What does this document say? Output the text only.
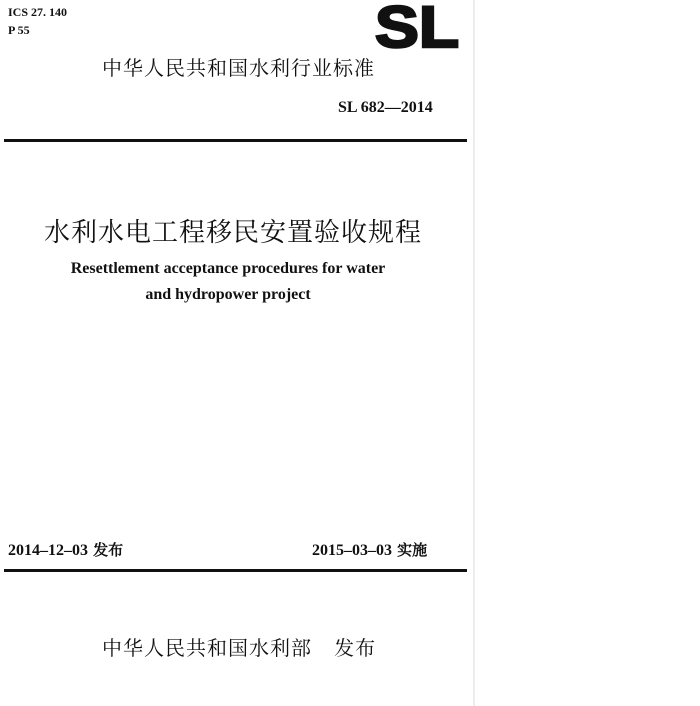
ICS 27. 140
P 55	SL
中华人民共和国水利行业标准
SL 682—2014
水利水电工程移民安置验收规程
Resettlement acceptance procedures for water
and hydropower project
2014–12–03 发布	2015–03–03 实施
中华人民共和国水利部 发布
